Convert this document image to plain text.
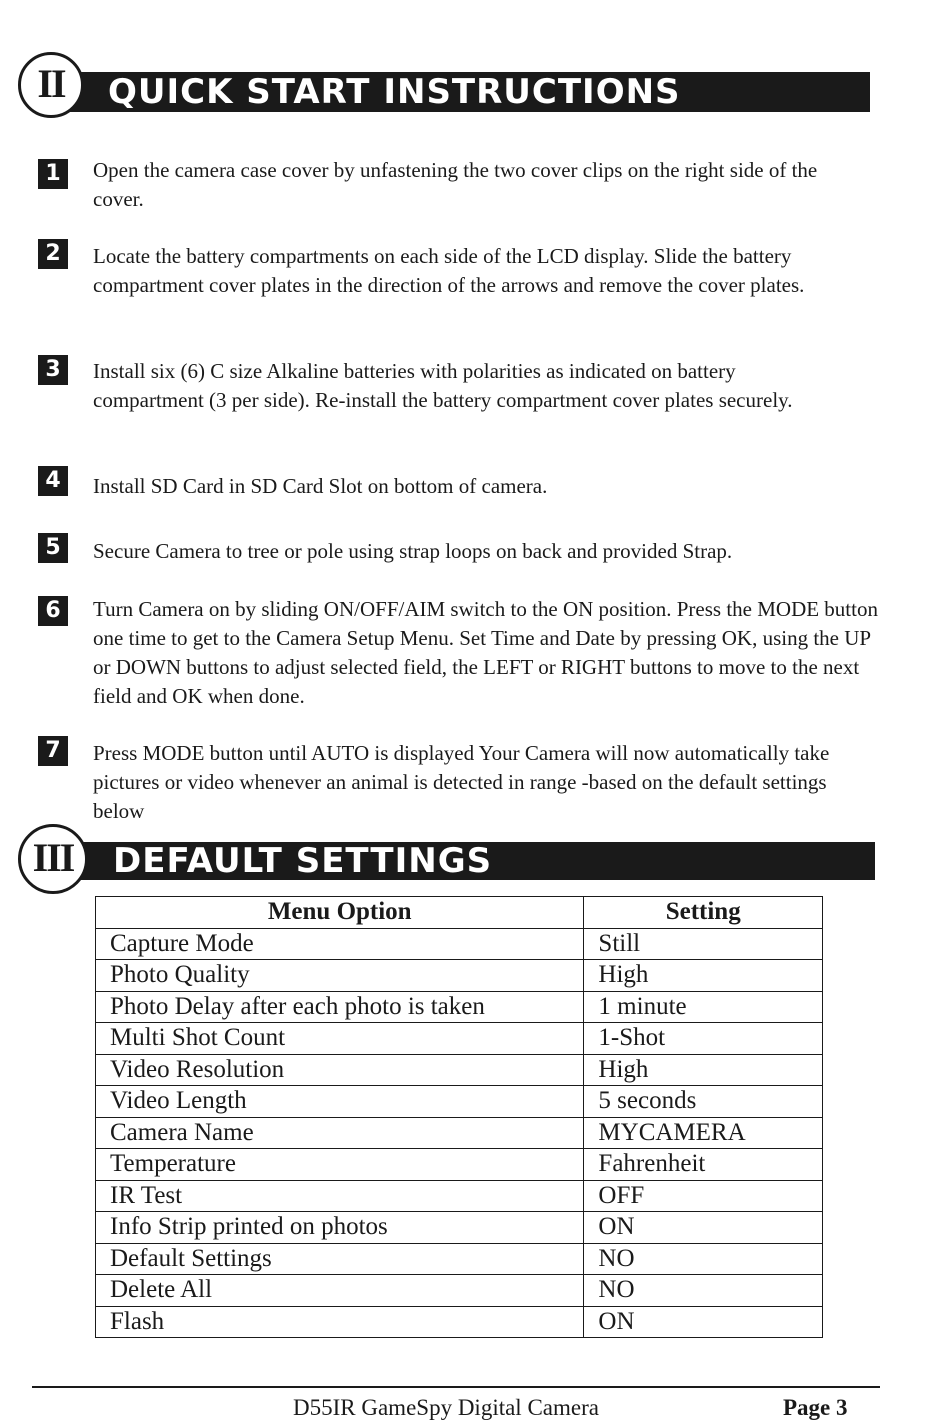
QUICK START INSTRUCTIONS
II
1	Open the camera case cover by unfastening the two cover clips on the right side of the cover.
2	Locate the battery compartments on each side of the LCD display. Slide the battery compartment cover plates in the direction of the arrows and remove the cover plates.
3	Install six (6) C size Alkaline batteries with polarities as indicated on battery compartment (3 per side). Re-install the battery compartment cover plates securely.
4	Install SD Card in SD Card Slot on bottom of camera.
5	Secure Camera to tree or pole using strap loops on back and provided Strap.
6	Turn Camera on by sliding ON/OFF/AIM switch to the ON position. Press the MODE button one time to get to the Camera Setup Menu. Set Time and Date by pressing OK, using the UP or DOWN buttons to adjust selected field, the LEFT or RIGHT buttons to move to the next field and OK when done.
7	Press MODE button until AUTO is displayed Your Camera will now automatically take pictures or video whenever an animal is detected in range -based on the default settings below
DEFAULT SETTINGS
III
Menu Option	Setting
Capture Mode	Still
Photo Quality	High
Photo Delay after each photo is taken	1 minute
Multi Shot Count	1-Shot
Video Resolution	High
Video Length	5 seconds
Camera Name	MYCAMERA
Temperature	Fahrenheit
IR Test	OFF
Info Strip printed on photos	ON
Default Settings	NO
Delete All	NO
Flash	ON
D55IR GameSpy Digital Camera	Page 3
